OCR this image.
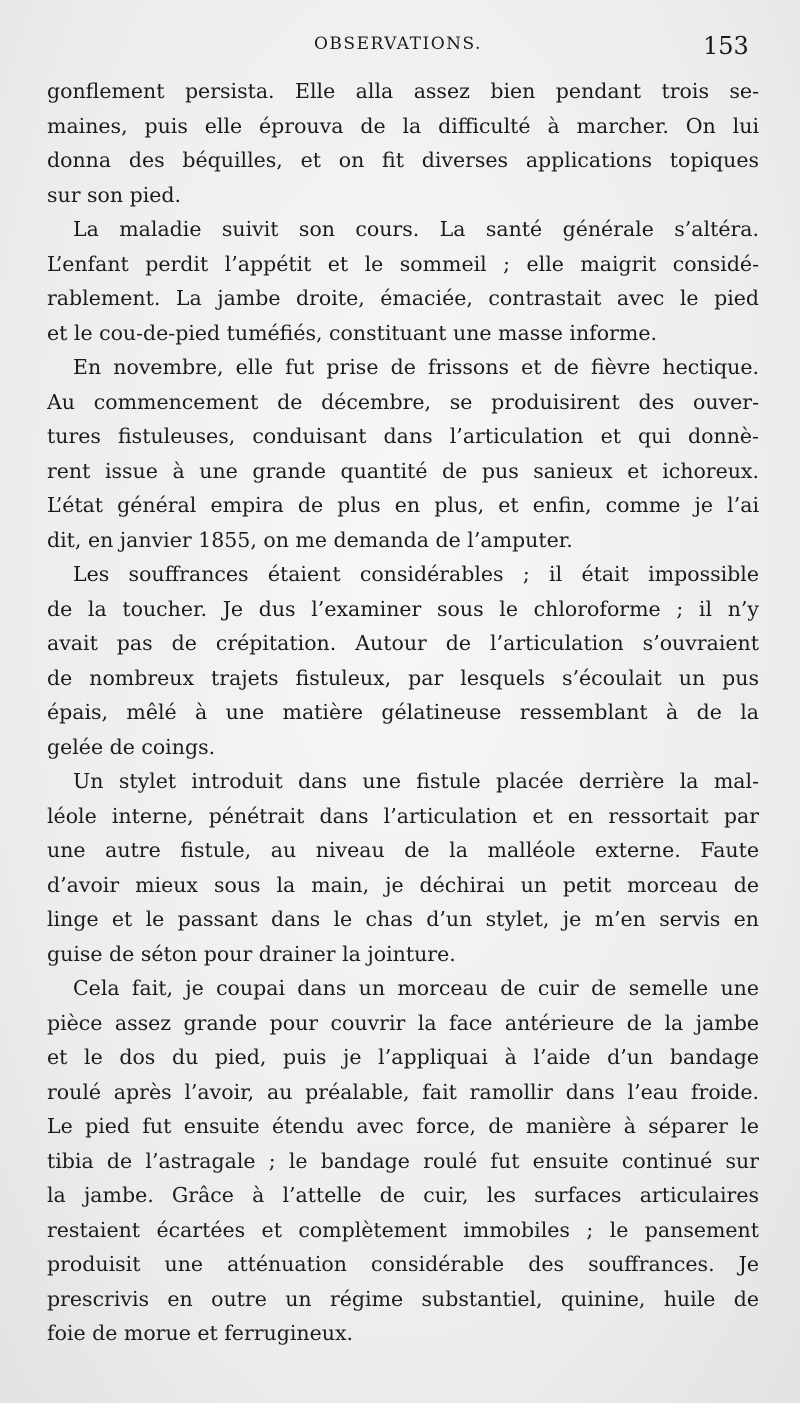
OBSERVATIONS.	153

gonflement persista. Elle alla assez bien pendant trois se-
maines, puis elle éprouva de la difficulté à marcher. On lui
donna des béquilles, et on fit diverses applications topiques
sur son pied.

La maladie suivit son cours. La santé générale s’altéra.
L’enfant perdit l’appétit et le sommeil ; elle maigrit considé-
rablement. La jambe droite, émaciée, contrastait avec le pied
et le cou-de-pied tuméfiés, constituant une masse informe.

En novembre, elle fut prise de frissons et de fièvre hectique.
Au commencement de décembre, se produisirent des ouver-
tures fistuleuses, conduisant dans l’articulation et qui donnè-
rent issue à une grande quantité de pus sanieux et ichoreux.
L’état général empira de plus en plus, et enfin, comme je l’ai
dit, en janvier 1855, on me demanda de l’amputer.

Les souffrances étaient considérables ; il était impossible
de la toucher. Je dus l’examiner sous le chloroforme ; il n’y
avait pas de crépitation. Autour de l’articulation s’ouvraient
de nombreux trajets fistuleux, par lesquels s’écoulait un pus
épais, mêlé à une matière gélatineuse ressemblant à de la
gelée de coings.

Un stylet introduit dans une fistule placée derrière la mal-
léole interne, pénétrait dans l’articulation et en ressortait par
une autre fistule, au niveau de la malléole externe. Faute
d’avoir mieux sous la main, je déchirai un petit morceau de
linge et le passant dans le chas d’un stylet, je m’en servis en
guise de séton pour drainer la jointure.

Cela fait, je coupai dans un morceau de cuir de semelle une
pièce assez grande pour couvrir la face antérieure de la jambe
et le dos du pied, puis je l’appliquai à l’aide d’un bandage
roulé après l’avoir, au préalable, fait ramollir dans l’eau froide.
Le pied fut ensuite étendu avec force, de manière à séparer le
tibia de l’astragale ; le bandage roulé fut ensuite continué sur
la jambe. Grâce à l’attelle de cuir, les surfaces articulaires
restaient écartées et complètement immobiles ; le pansement
produisit une atténuation considérable des souffrances. Je
prescrivis en outre un régime substantiel, quinine, huile de
foie de morue et ferrugineux.
